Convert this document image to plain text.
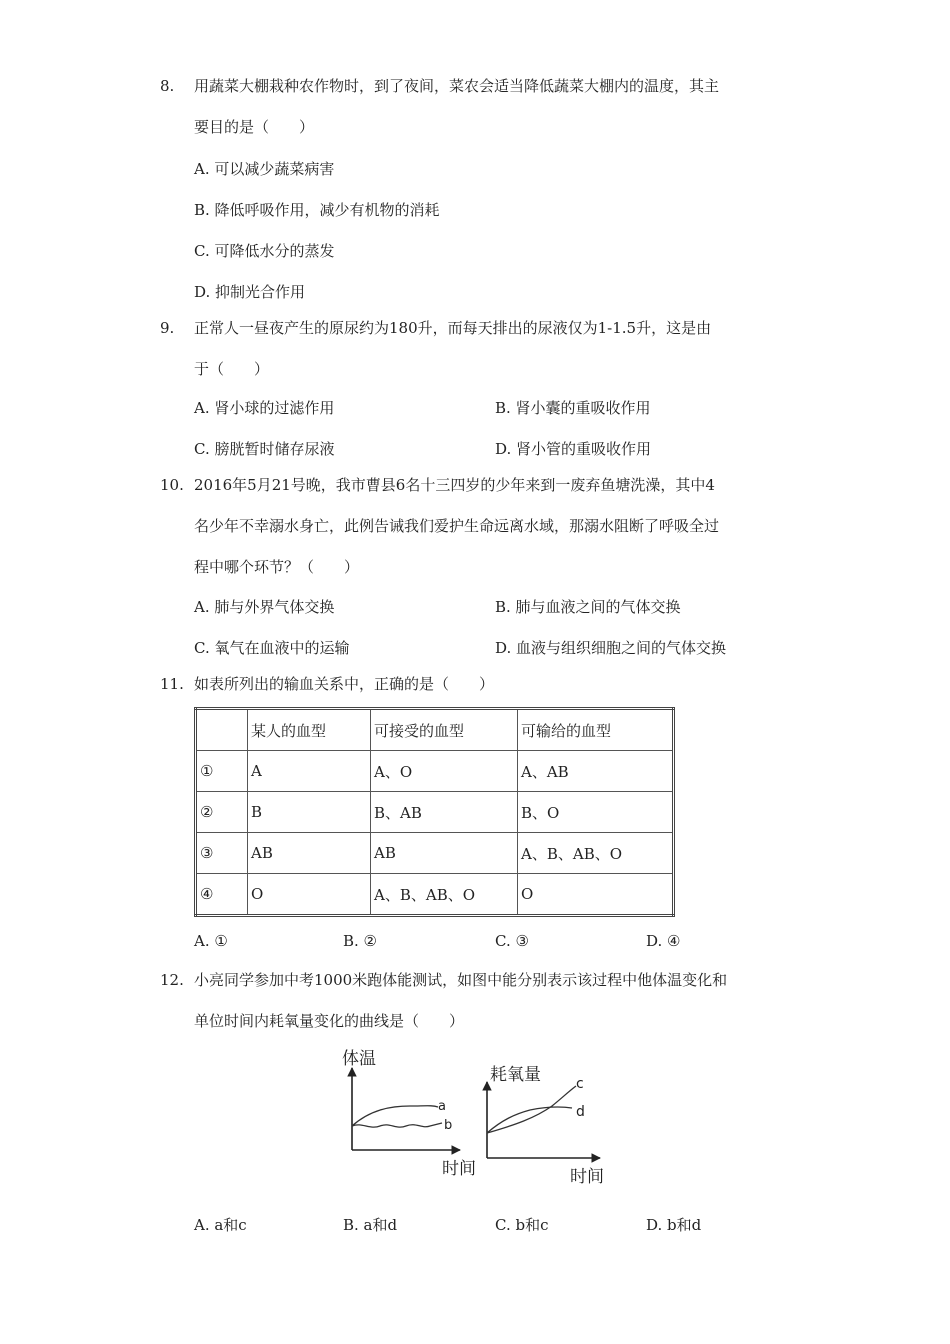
8. 用蔬菜大棚栽种农作物时，到了夜间，菜农会适当降低蔬菜大棚内的温度，其主
要目的是（　　）
A. 可以减少蔬菜病害
B. 降低呼吸作用，减少有机物的消耗
C. 可降低水分的蒸发
D. 抑制光合作用
9. 正常人一昼夜产生的原尿约为180升，而每天排出的尿液仅为1-1.5升，这是由
于（　　）
A. 肾小球的过滤作用	B. 肾小囊的重吸收作用
C. 膀胱暂时储存尿液	D. 肾小管的重吸收作用
10. 2016年5月21号晚，我市曹县6名十三四岁的少年来到一废弃鱼塘洗澡，其中4
名少年不幸溺水身亡，此例告诫我们爱护生命远离水域，那溺水阻断了呼吸全过
程中哪个环节？（　　）
A. 肺与外界气体交换	B. 肺与血液之间的气体交换
C. 氧气在血液中的运输	D. 血液与组织细胞之间的气体交换
11. 如表所列出的输血关系中，正确的是（　　）
	某人的血型	可接受的血型	可输给的血型
①	A	A、O	A、AB
②	B	B、AB	B、O
③	AB	AB	A、B、AB、O
④	O	A、B、AB、O	O
A. ①	B. ②	C. ③	D. ④
12. 小亮同学参加中考1000米跑体能测试，如图中能分别表示该过程中他体温变化和
单位时间内耗氧量变化的曲线是（　　）
体温
时间
a
b
耗氧量
时间
c
d
A. a和c	B. a和d	C. b和c	D. b和d
